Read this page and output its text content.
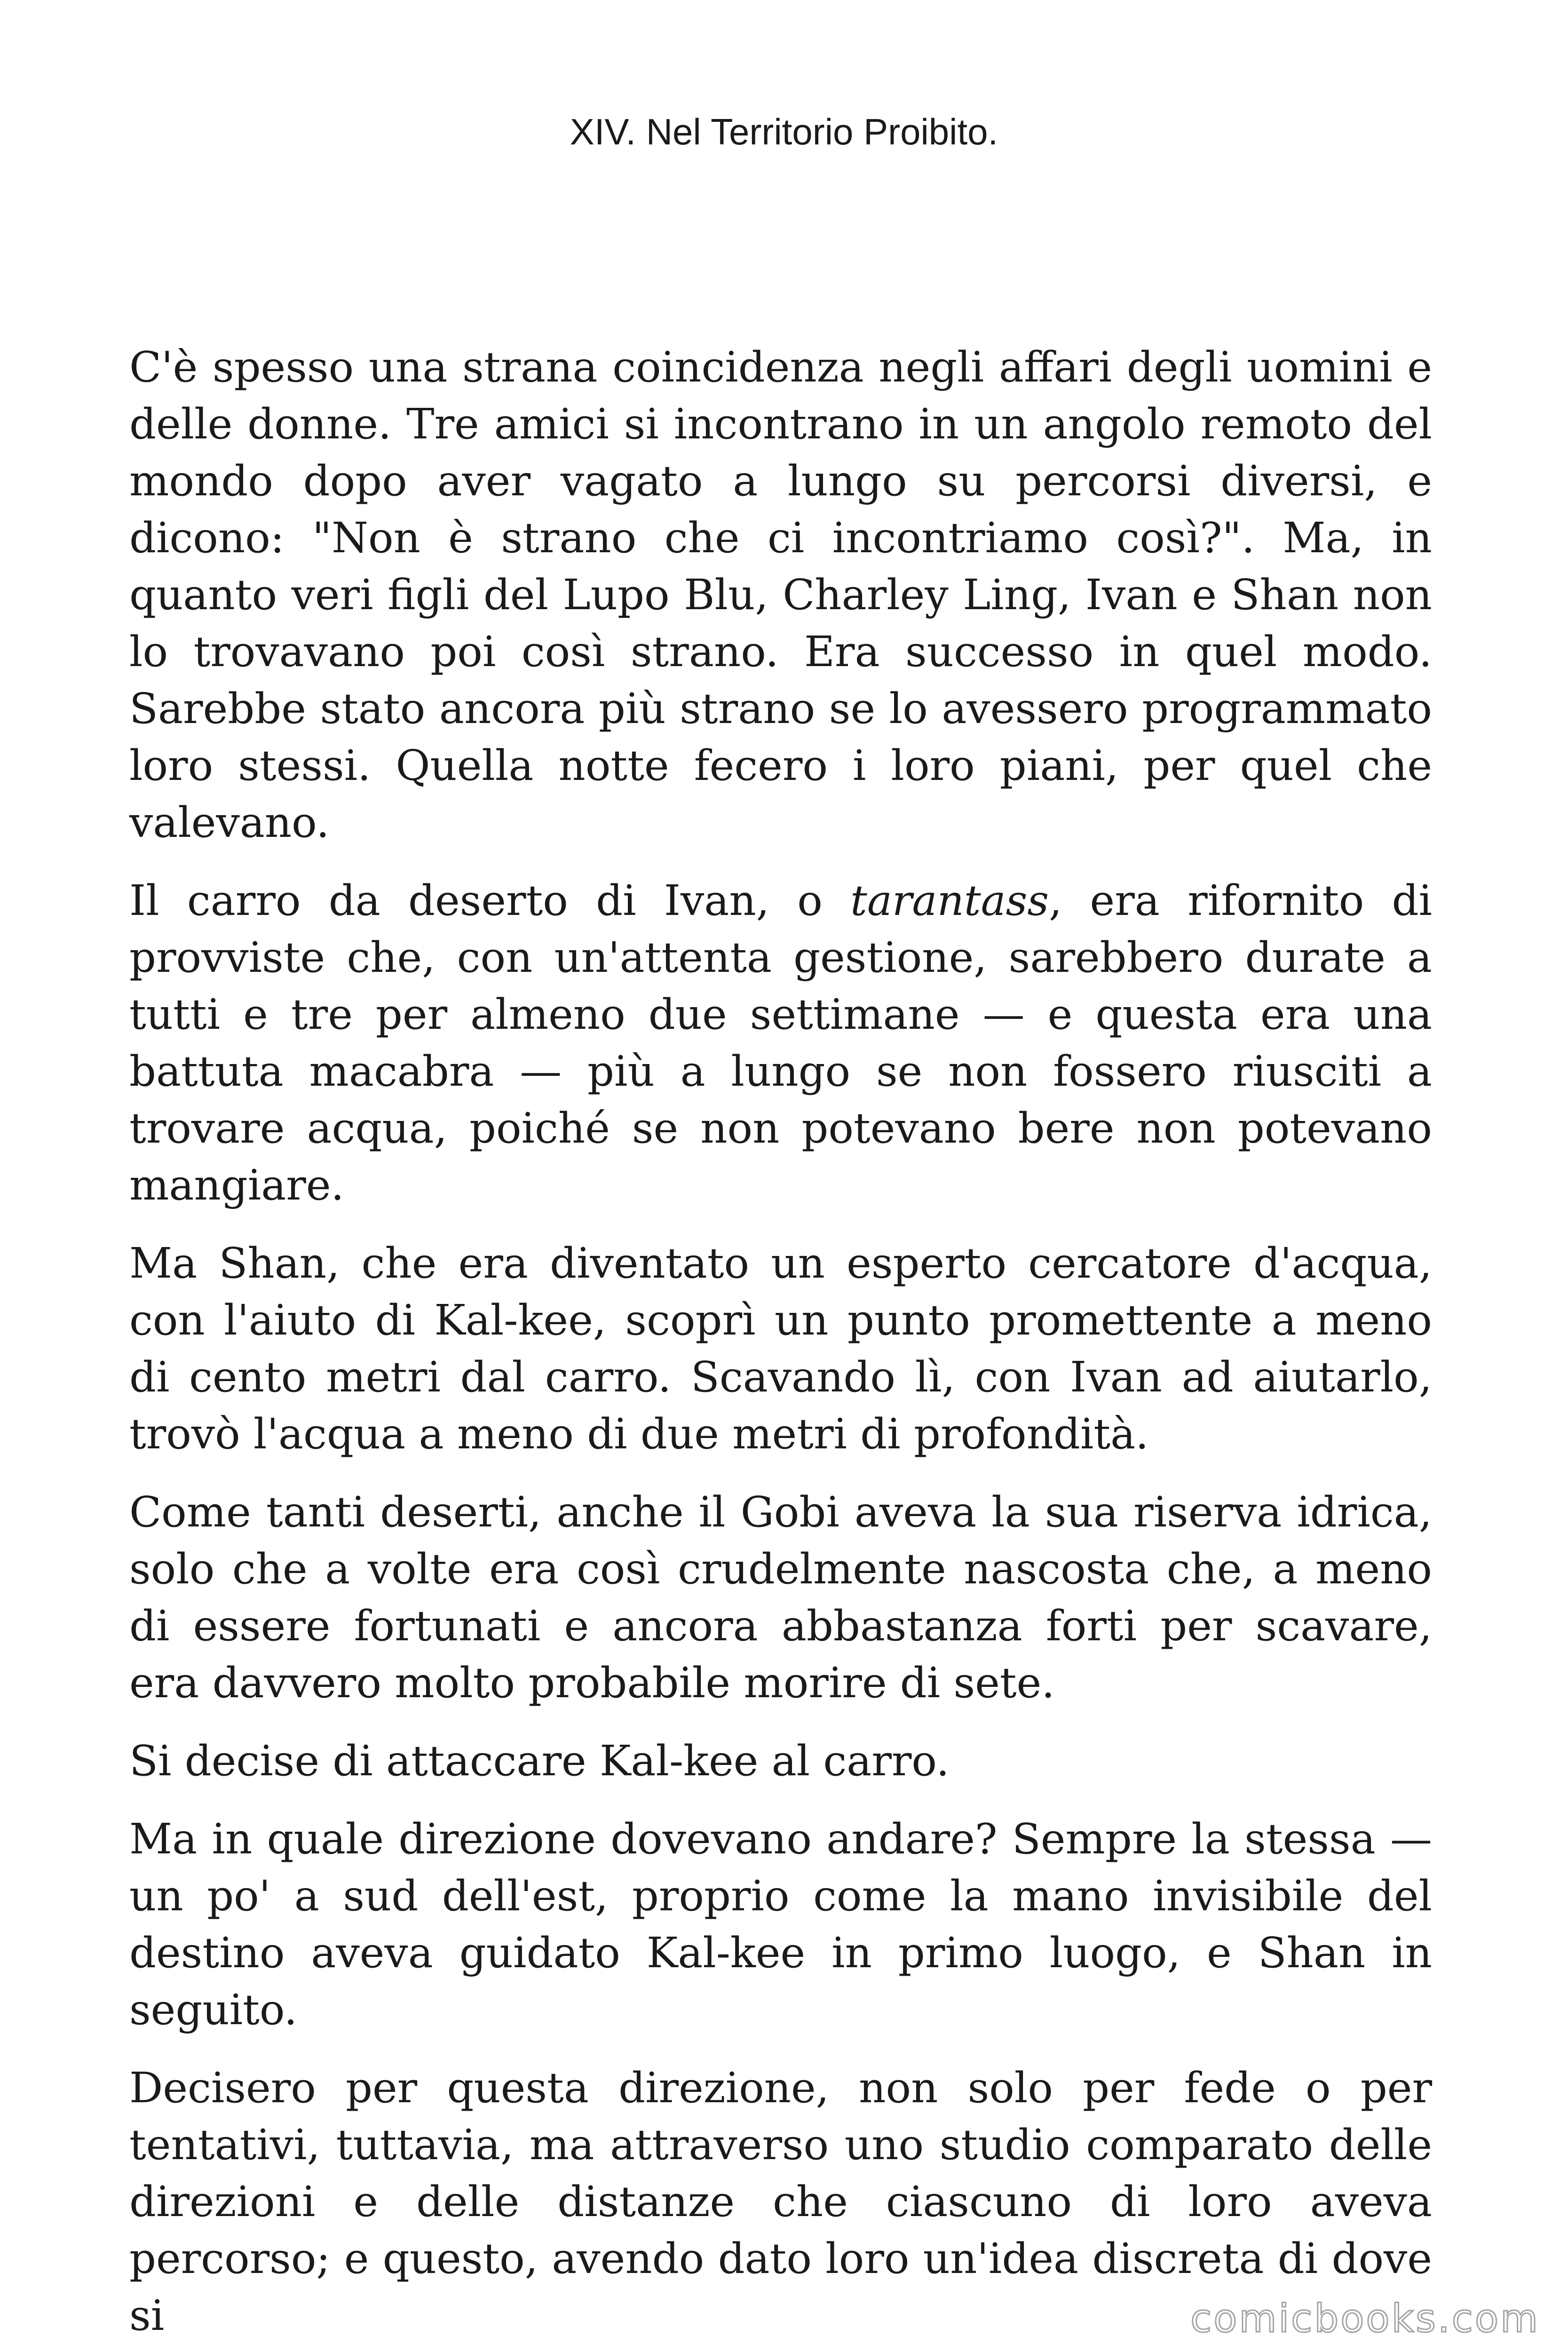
XIV. Nel Territorio Proibito.

C'è spesso una strana coincidenza negli affari degli uomini e delle donne. Tre amici si incontrano in un angolo remoto del mondo dopo aver vagato a lungo su percorsi diversi, e dicono: "Non è strano che ci incontriamo così?". Ma, in quanto veri figli del Lupo Blu, Charley Ling, Ivan e Shan non lo trovavano poi così strano. Era successo in quel modo. Sarebbe stato ancora più strano se lo avessero programmato loro stessi. Quella notte fecero i loro piani, per quel che valevano.

Il carro da deserto di Ivan, o tarantass, era rifornito di provviste che, con un'attenta gestione, sarebbero durate a tutti e tre per almeno due settimane — e questa era una battuta macabra — più a lungo se non fossero riusciti a trovare acqua, poiché se non potevano bere non potevano mangiare.

Ma Shan, che era diventato un esperto cercatore d'acqua, con l'aiuto di Kal-kee, scoprì un punto promettente a meno di cento metri dal carro. Scavando lì, con Ivan ad aiutarlo, trovò l'acqua a meno di due metri di profondità.

Come tanti deserti, anche il Gobi aveva la sua riserva idrica, solo che a volte era così crudelmente nascosta che, a meno di essere fortunati e ancora abbastanza forti per scavare, era davvero molto probabile morire di sete.

Si decise di attaccare Kal-kee al carro.

Ma in quale direzione dovevano andare? Sempre la stessa — un po' a sud dell'est, proprio come la mano invisibile del destino aveva guidato Kal-kee in primo luogo, e Shan in seguito.

Decisero per questa direzione, non solo per fede o per tentativi, tuttavia, ma attraverso uno studio comparato delle direzioni e delle distanze che ciascuno di loro aveva percorso; e questo, avendo dato loro un'idea discreta di dove si	comicbooks.com
